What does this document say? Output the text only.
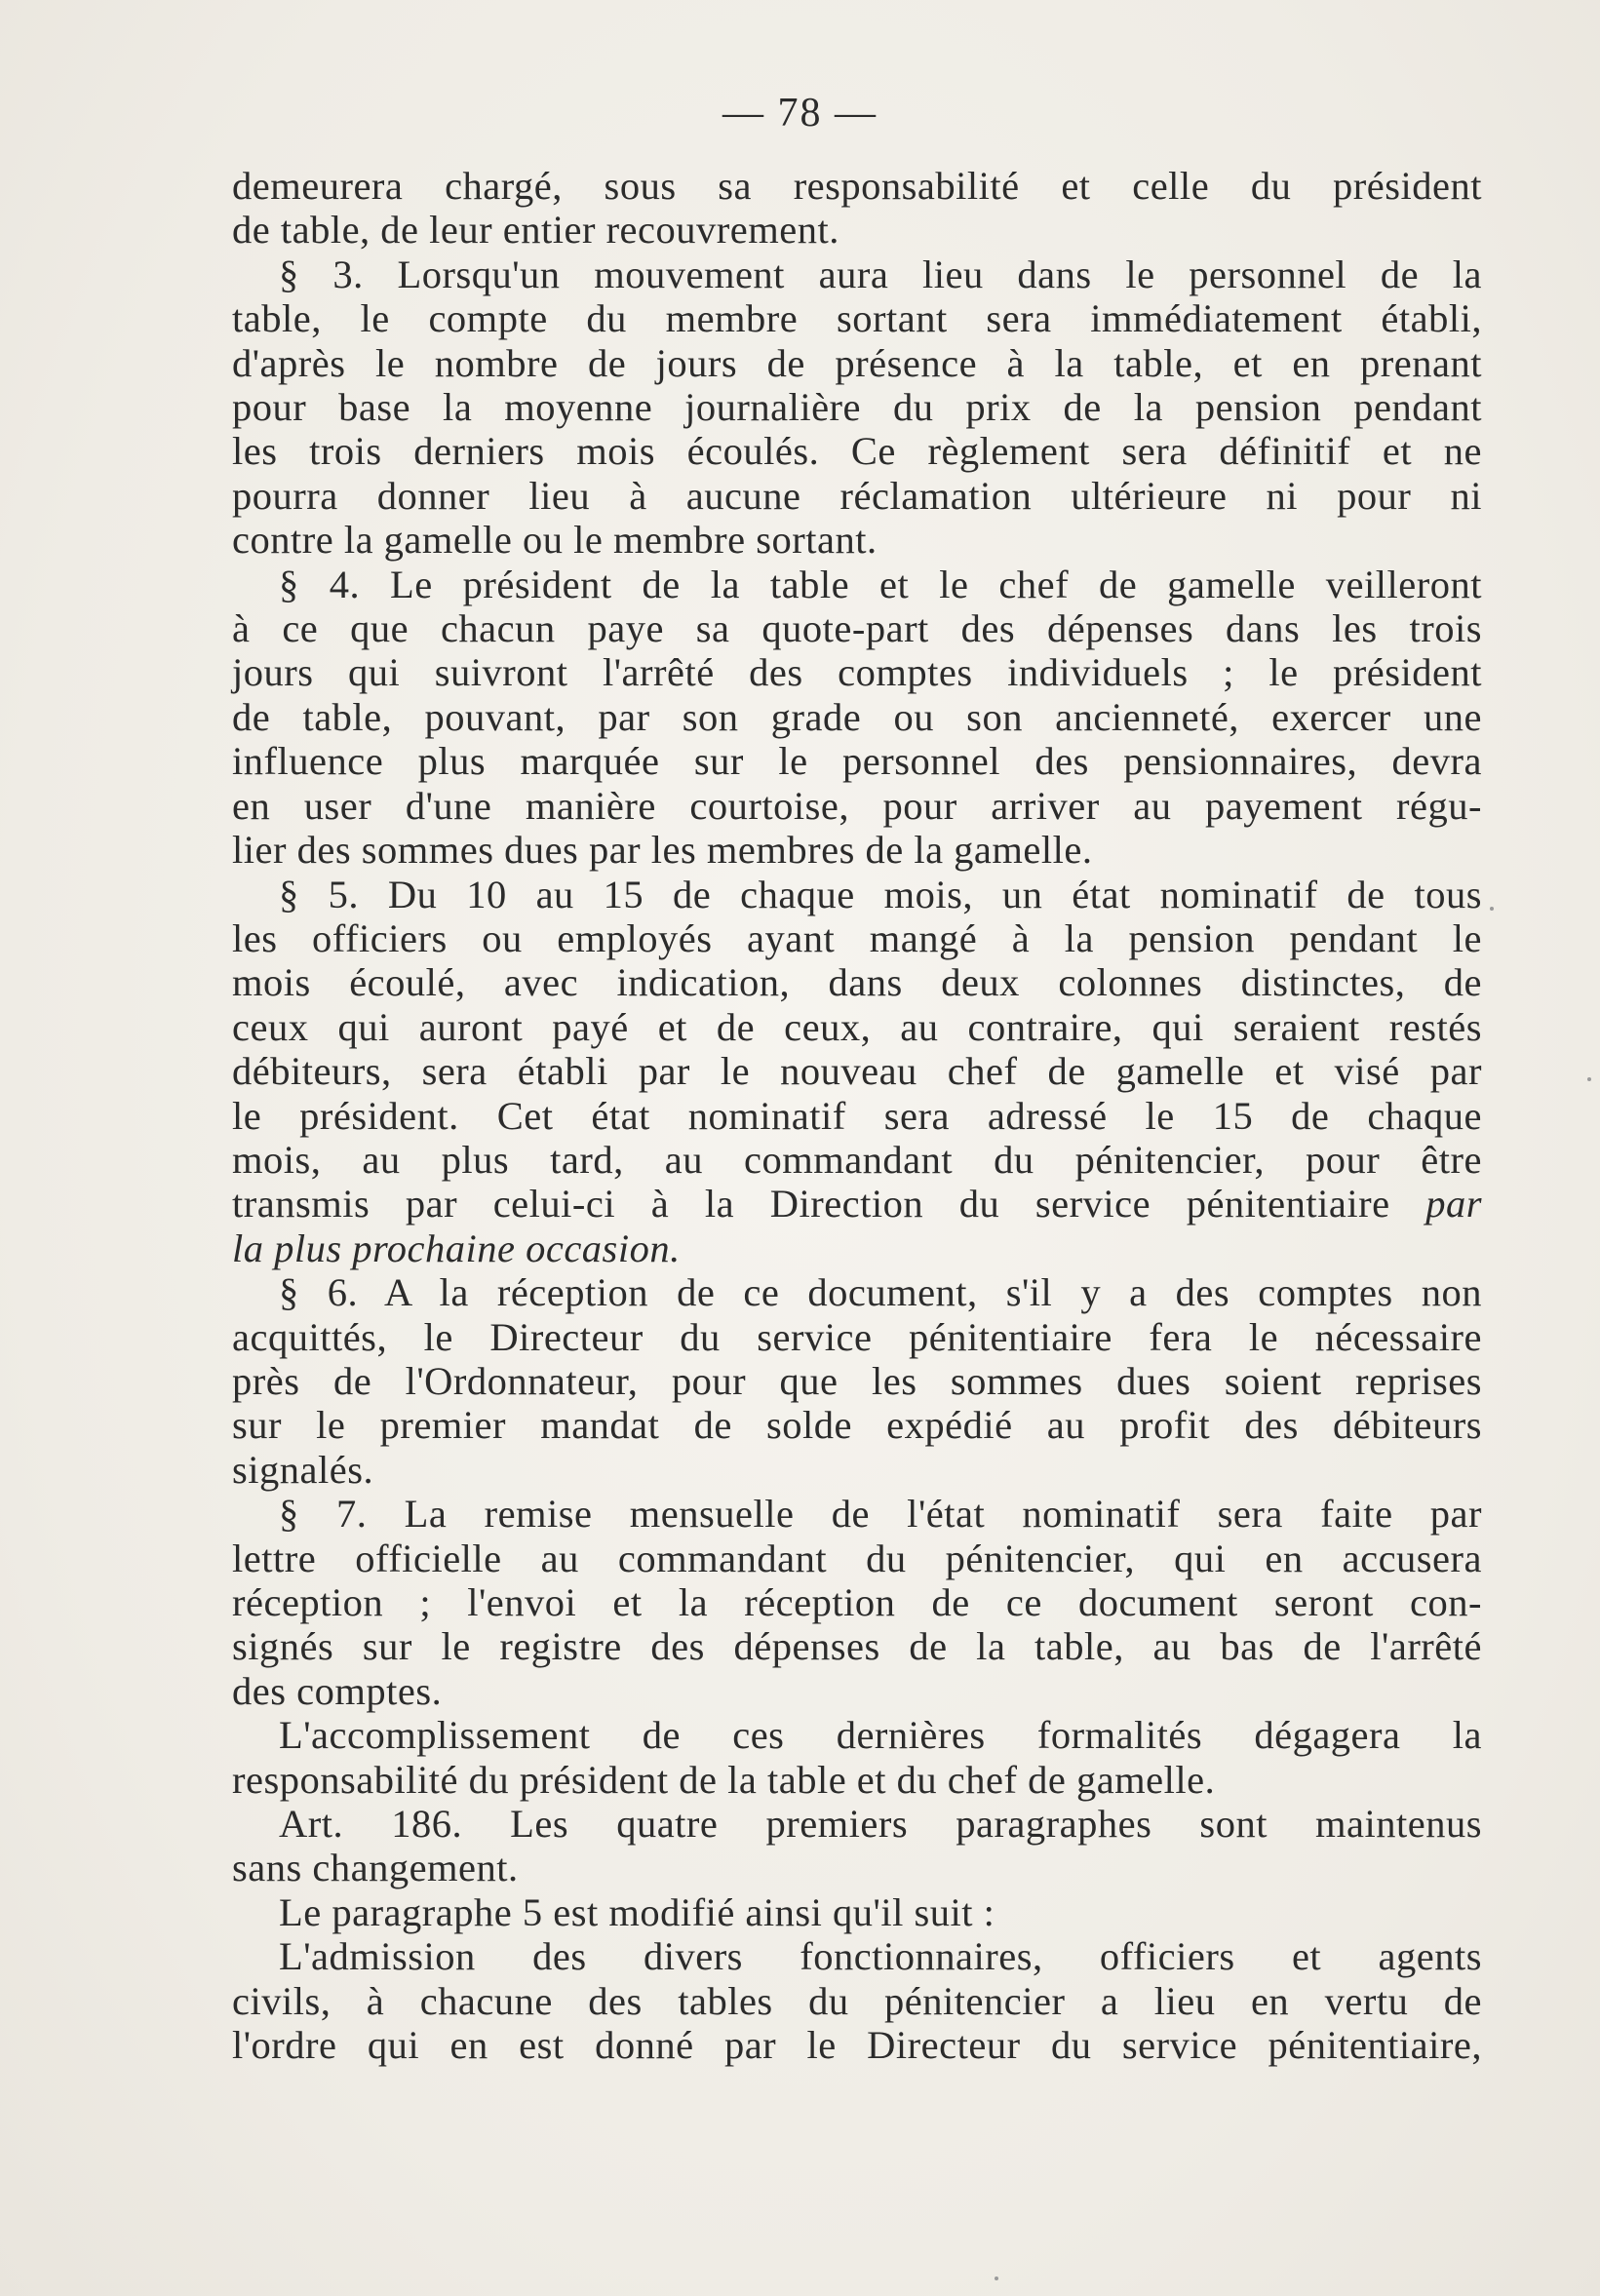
— 78 —
demeurera chargé, sous sa responsabilité et celle du président
de table, de leur entier recouvrement.
§ 3. Lorsqu'un mouvement aura lieu dans le personnel de la
table, le compte du membre sortant sera immédiatement établi,
d'après le nombre de jours de présence à la table, et en prenant
pour base la moyenne journalière du prix de la pension pendant
les trois derniers mois écoulés. Ce règlement sera définitif et ne
pourra donner lieu à aucune réclamation ultérieure ni pour ni
contre la gamelle ou le membre sortant.
§ 4. Le président de la table et le chef de gamelle veilleront
à ce que chacun paye sa quote-part des dépenses dans les trois
jours qui suivront l'arrêté des comptes individuels ; le président
de table, pouvant, par son grade ou son ancienneté, exercer une
influence plus marquée sur le personnel des pensionnaires, devra
en user d'une manière courtoise, pour arriver au payement régu-
lier des sommes dues par les membres de la gamelle.
§ 5. Du 10 au 15 de chaque mois, un état nominatif de tous
les officiers ou employés ayant mangé à la pension pendant le
mois écoulé, avec indication, dans deux colonnes distinctes, de
ceux qui auront payé et de ceux, au contraire, qui seraient restés
débiteurs, sera établi par le nouveau chef de gamelle et visé par
le président. Cet état nominatif sera adressé le 15 de chaque
mois, au plus tard, au commandant du pénitencier, pour être
transmis par celui-ci à la Direction du service pénitentiaire par
la plus prochaine occasion.
§ 6. A la réception de ce document, s'il y a des comptes non
acquittés, le Directeur du service pénitentiaire fera le nécessaire
près de l'Ordonnateur, pour que les sommes dues soient reprises
sur le premier mandat de solde expédié au profit des débiteurs
signalés.
§ 7. La remise mensuelle de l'état nominatif sera faite par
lettre officielle au commandant du pénitencier, qui en accusera
réception ; l'envoi et la réception de ce document seront con-
signés sur le registre des dépenses de la table, au bas de l'arrêté
des comptes.
L'accomplissement de ces dernières formalités dégagera la
responsabilité du président de la table et du chef de gamelle.
Art. 186. Les quatre premiers paragraphes sont maintenus
sans changement.
Le paragraphe 5 est modifié ainsi qu'il suit :
L'admission des divers fonctionnaires, officiers et agents
civils, à chacune des tables du pénitencier a lieu en vertu de
l'ordre qui en est donné par le Directeur du service pénitentiaire,
